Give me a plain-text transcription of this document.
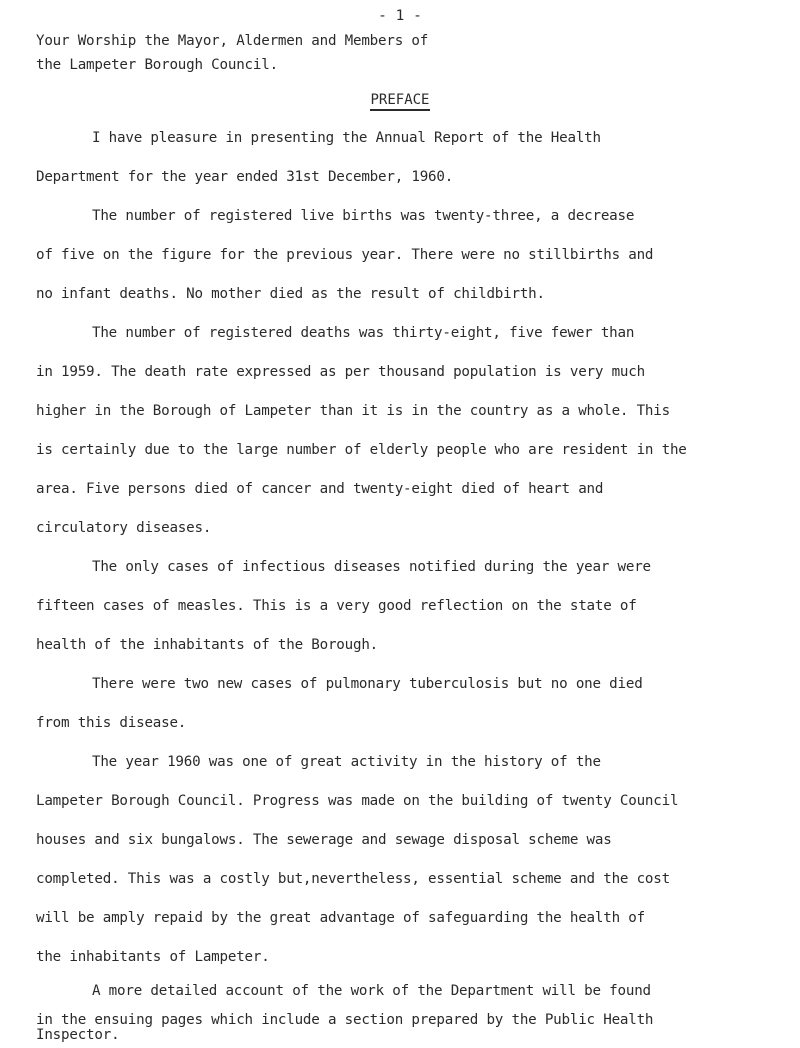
- 1 -
Your Worship the Mayor, Aldermen and Members of
the Lampeter Borough Council.
PREFACE
I have pleasure in presenting the Annual Report of the Health
Department for the year ended 31st December, 1960.
The number of registered live births was twenty-three, a decrease
of five on the figure for the previous year. There were no stillbirths and
no infant deaths. No mother died as the result of childbirth.
The number of registered deaths was thirty-eight, five fewer than
in 1959. The death rate expressed as per thousand population is very much
higher in the Borough of Lampeter than it is in the country as a whole. This
is certainly due to the large number of elderly people who are resident in the
area. Five persons died of cancer and twenty-eight died of heart and
circulatory diseases.
The only cases of infectious diseases notified during the year were
fifteen cases of measles. This is a very good reflection on the state of
health of the inhabitants of the Borough.
There were two new cases of pulmonary tuberculosis but no one died
from this disease.
The year 1960 was one of great activity in the history of the
Lampeter Borough Council. Progress was made on the building of twenty Council
houses and six bungalows. The sewerage and sewage disposal scheme was
completed. This was a costly but,nevertheless, essential scheme and the cost
will be amply repaid by the great advantage of safeguarding the health of
the inhabitants of Lampeter.
A more detailed account of the work of the Department will be found
in the ensuing pages which include a section prepared by the Public Health
Inspector.
